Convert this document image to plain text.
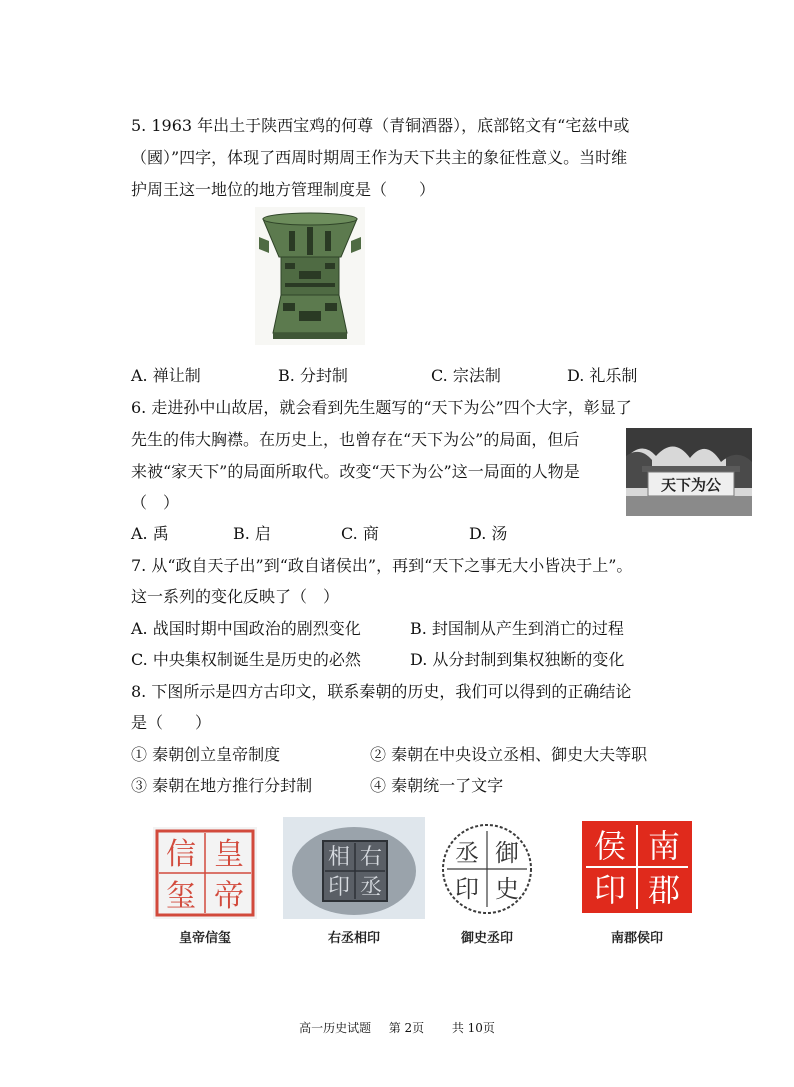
5. 1963 年出土于陕西宝鸡的何尊（青铜酒器），底部铭文有“宅兹中或
（國）”四字，体现了西周时期周王作为天下共主的象征性意义。当时维
护周王这一地位的地方管理制度是（　　）
A. 禅让制	B. 分封制	C. 宗法制	D. 礼乐制
6. 走进孙中山故居，就会看到先生题写的“天下为公”四个大字，彰显了
先生的伟大胸襟。在历史上，也曾存在“天下为公”的局面，但后
来被“家天下”的局面所取代。改变“天下为公”这一局面的人物是
（　）
天下为公
A. 禹	B. 启	C. 商	D. 汤
7. 从“政自天子出”到“政自诸侯出”，再到“天下之事无大小皆决于上”。
这一系列的变化反映了（　）
A. 战国时期中国政治的剧烈变化	B. 封国制从产生到消亡的过程
C. 中央集权制诞生是历史的必然	D. 从分封制到集权独断的变化
8. 下图所示是四方古印文，联系秦朝的历史，我们可以得到的正确结论
是（　　）
① 秦朝创立皇帝制度	② 秦朝在中央设立丞相、御史大夫等职
③ 秦朝在地方推行分封制	④ 秦朝统一了文字
皇
帝
信
玺
皇帝信玺
右
丞
相
印
右丞相印
御
史
丞
印
御史丞印
南
郡
侯
印
南郡侯印
高一历史试题 第 2页 共 10页
